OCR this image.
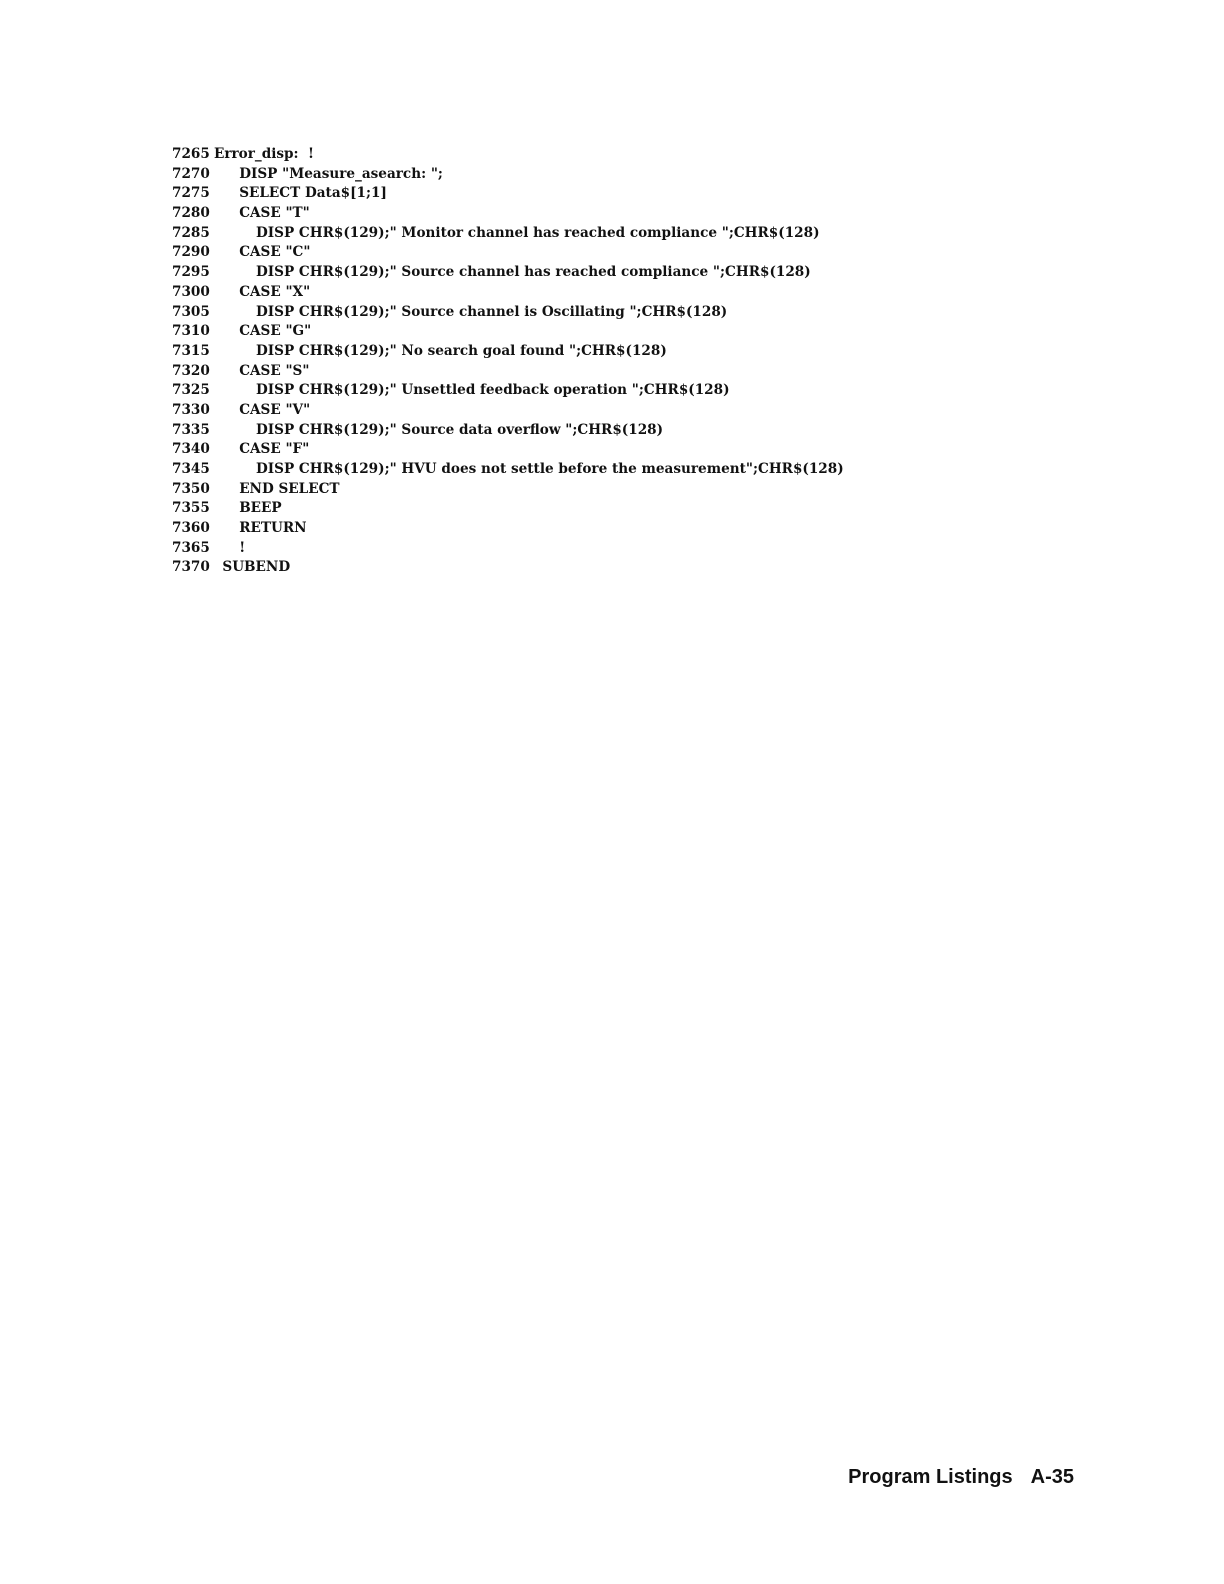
7265 Error_disp:  !
7270 DISP "Measure_asearch: ";
7275 SELECT Data$[1;1]
7280 CASE "T"
7285	DISP CHR$(129);" Monitor channel has reached compliance ";CHR$(128)
7290 CASE "C"
7295	DISP CHR$(129);" Source channel has reached compliance ";CHR$(128)
7300 CASE "X"
7305	DISP CHR$(129);" Source channel is Oscillating ";CHR$(128)
7310 CASE "G"
7315	DISP CHR$(129);" No search goal found ";CHR$(128)
7320 CASE "S"
7325	DISP CHR$(129);" Unsettled feedback operation ";CHR$(128)
7330 CASE "V"
7335	DISP CHR$(129);" Source data overflow ";CHR$(128)
7340 CASE "F"
7345	DISP CHR$(129);" HVU does not settle before the measurement";CHR$(128)
7350 END SELECT
7355 BEEP
7360 RETURN
7365 !
7370 SUBEND
Program Listings A-35
